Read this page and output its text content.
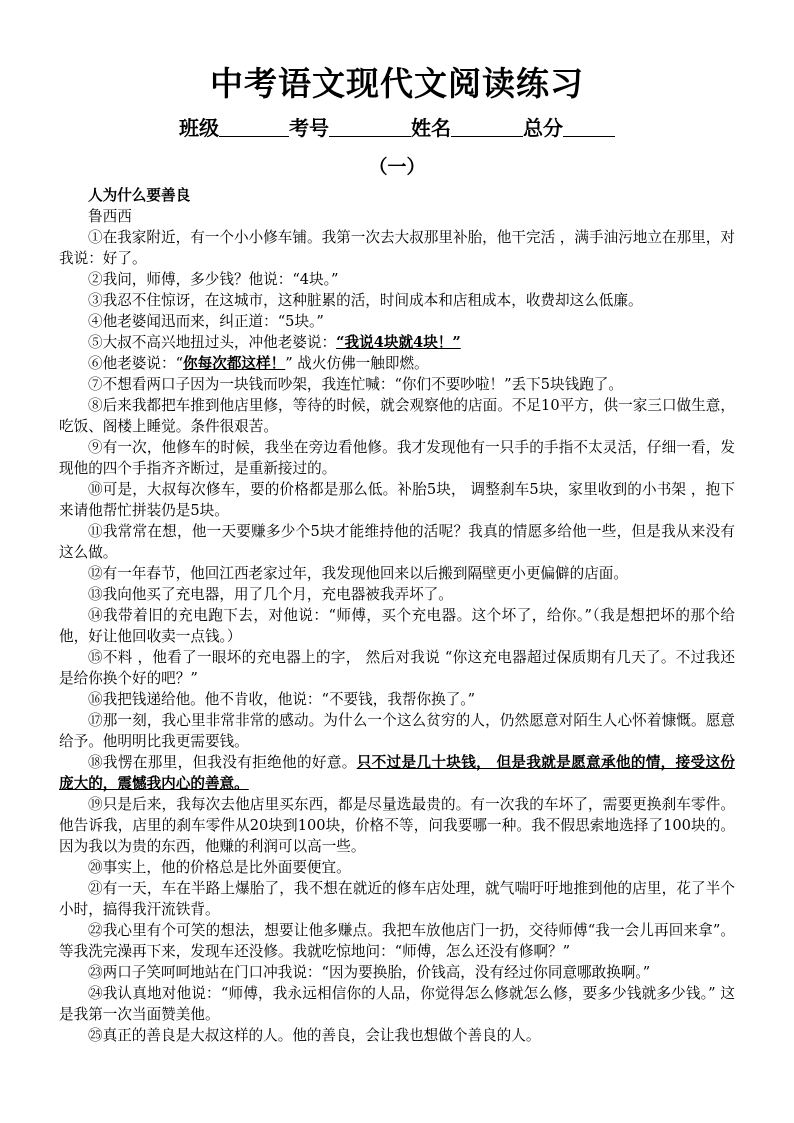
中考语文现代文阅读练习
班级	考号	姓名	总分
（一）

人为什么要善良

鲁西西

①在我家附近，有一个小小修车铺。我第一次去大叔那里补胎，他干完活 ，满手油污地立在那里，对我说：好了。

②我问，师傅，多少钱？他说：“4块。”

③我忍不住惊讶，在这城市，这种脏累的活，时间成本和店租成本，收费却这么低廉。

④他老婆闻迅而来，纠正道：“5块。”

⑤大叔不高兴地扭过头，冲他老婆说：“我说4块就4块！”

⑥他老婆说：“你每次都这样！” 战火仿佛一触即燃。

⑦不想看两口子因为一块钱而吵架，我连忙喊：“你们不要吵啦！”丢下5块钱跑了。

⑧后来我都把车推到他店里修，等待的时候，就会观察他的店面。不足10平方，供一家三口做生意，吃饭、阁楼上睡觉。条件很艰苦。

⑨有一次，他修车的时候，我坐在旁边看他修。我才发现他有一只手的手指不太灵活，仔细一看，发现他的四个手指齐齐断过，是重新接过的。

⑩可是，大叔每次修车，要的价格都是那么低。补胎5块， 调整刹车5块，家里收到的小书架 ，抱下来请他帮忙拼装仍是5块。

⑪我常常在想，他一天要赚多少个5块才能维持他的活呢？我真的情愿多给他一些，但是我从来没有这么做。

⑫有一年春节，他回江西老家过年，我发现他回来以后搬到隔壁更小更偏僻的店面。

⑬我向他买了充电器，用了几个月，充电器被我弄坏了。

⑭我带着旧的充电跑下去，对他说：“师傅，买个充电器。这个坏了，给你。”（我是想把坏的那个给他，好让他回收卖一点钱。）

⑮不料 ，他看了一眼坏的充电器上的字， 然后对我说 “你这充电器超过保质期有几天了。不过我还是给你换个好的吧？”

⑯我把钱递给他。他不肯收，他说：“不要钱，我帮你换了。”

⑰那一刻，我心里非常非常的感动。为什么一个这么贫穷的人，仍然愿意对陌生人心怀着慷慨。愿意给予。他明明比我更需要钱。

⑱我愣在那里，但我没有拒绝他的好意。只不过是几十块钱， 但是我就是愿意承他的情，接受这份庞大的，震憾我内心的善意。

⑲只是后来，我每次去他店里买东西，都是尽量选最贵的。有一次我的车坏了，需要更换刹车零件。他告诉我，店里的刹车零件从20块到100块，价格不等，问我要哪一种。我不假思索地选择了100块的。因为我以为贵的东西，他赚的利润可以高一些。

⑳事实上，他的价格总是比外面要便宜。

㉑有一天，车在半路上爆胎了，我不想在就近的修车店处理，就气喘吁吁地推到他的店里，花了半个小时，搞得我汗流铁背。

㉒我心里有个可笑的想法，想要让他多赚点。我把车放他店门一扔，交待师傅“我一会儿再回来拿”。等我洗完澡再下来，发现车还没修。我就吃惊地问：“师傅，怎么还没有修啊？”

㉓两口子笑呵呵地站在门口冲我说：“因为要换胎，价钱高，没有经过你同意哪敢换啊。”

㉔我认真地对他说：“师傅，我永远相信你的人品，你觉得怎么修就怎么修，要多少钱就多少钱。” 这是我第一次当面赞美他。

㉕真正的善良是大叔这样的人。他的善良，会让我也想做个善良的人。
